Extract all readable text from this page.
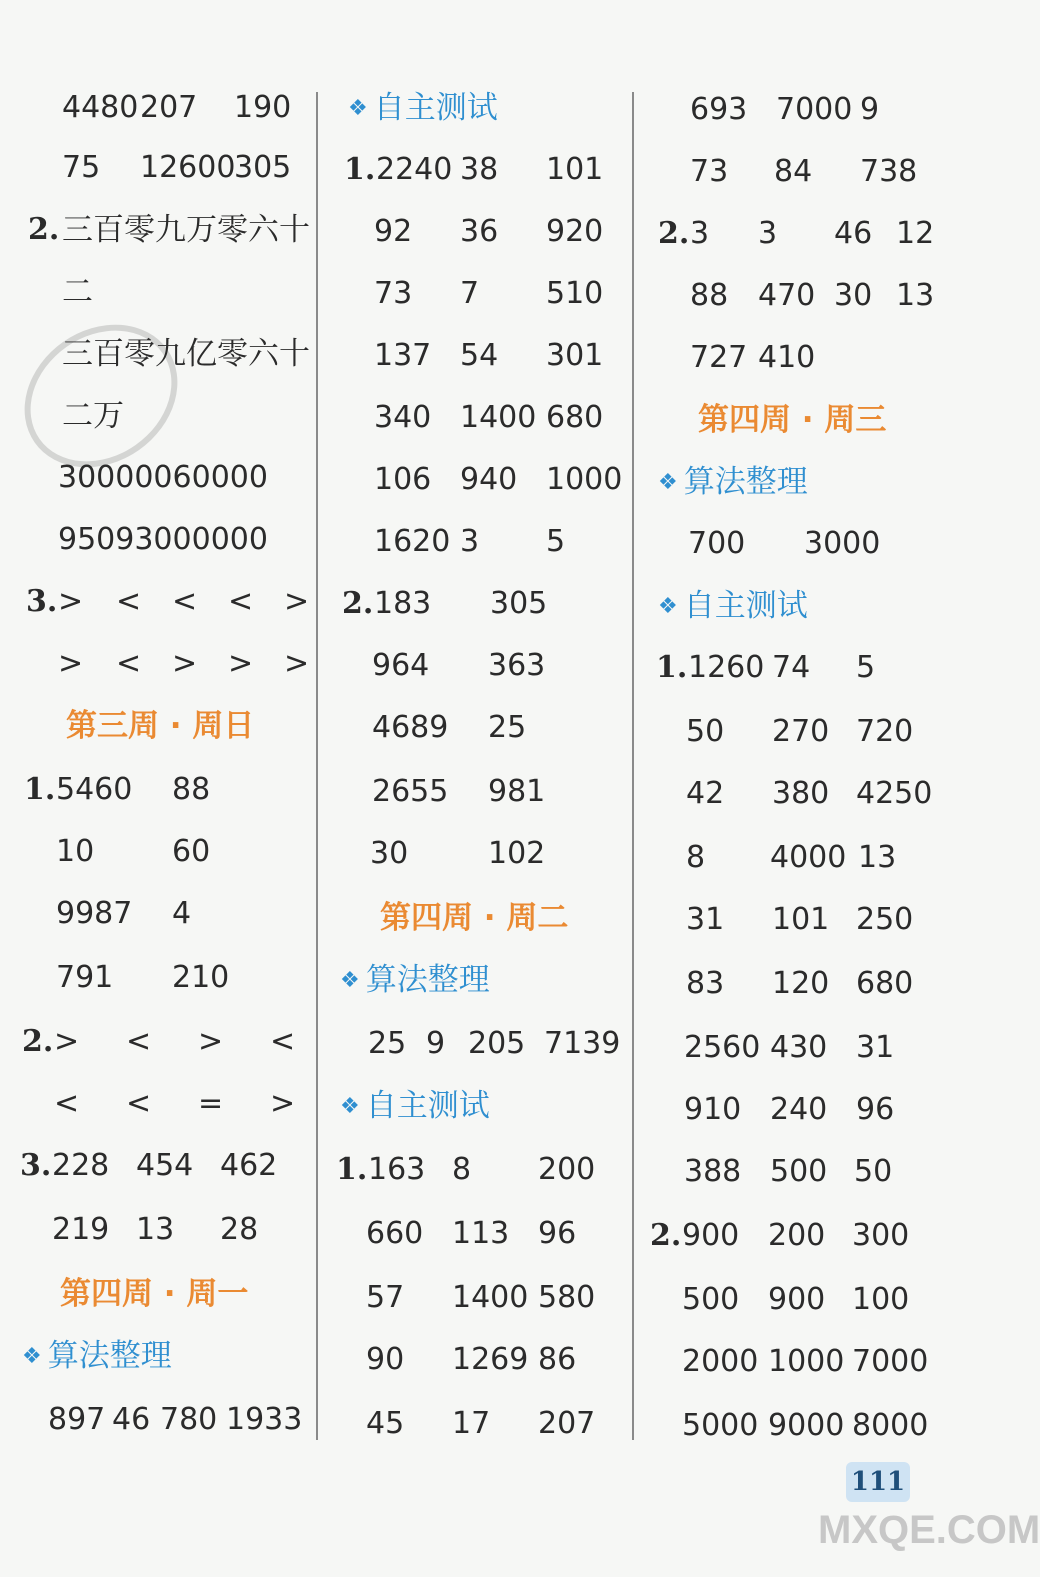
4480 207 190
75 12600
305
2. 三百零九万零六十
二
三百零九亿零六十
二万
30000060000
95093000000
3. > < < < >
> < > > >
第三周 · 周日
1. 5460 88
10	60
9987 4
791 210
2. > < > <
< < = >
3. 228 454 462
219 13 28
第四周 · 周一
❖ 算法整理
897 46 780 1933
❖ 自主测试
1. 2240 38 101
92 36 920
73 7 510
137 54 301
340 1400 680
106 940 1000
1620 3 5
2. 183 305
964 363
4689 25
2655 981
30	102
第四周 · 周二
❖ 算法整理
25 9 205 7139
❖ 自主测试
1. 163 8 200
660 113 96
57 1400 580
90 1269 86
45 17 207
693 7000 9
73 84 738
2. 3 3 46 12
88 470 30 13
727 410
第四周 · 周三
❖ 算法整理
700 3000
❖ 自主测试
1. 1260 74 5
50 270 720
42 380 4250
8 4000 13
31 101 250
83 120 680
2560 430 31
910 240 96
388 500 50
2. 900 200 300
500 900 100
2000 1000 7000
5000 9000 8000
111
MXQE.COM
